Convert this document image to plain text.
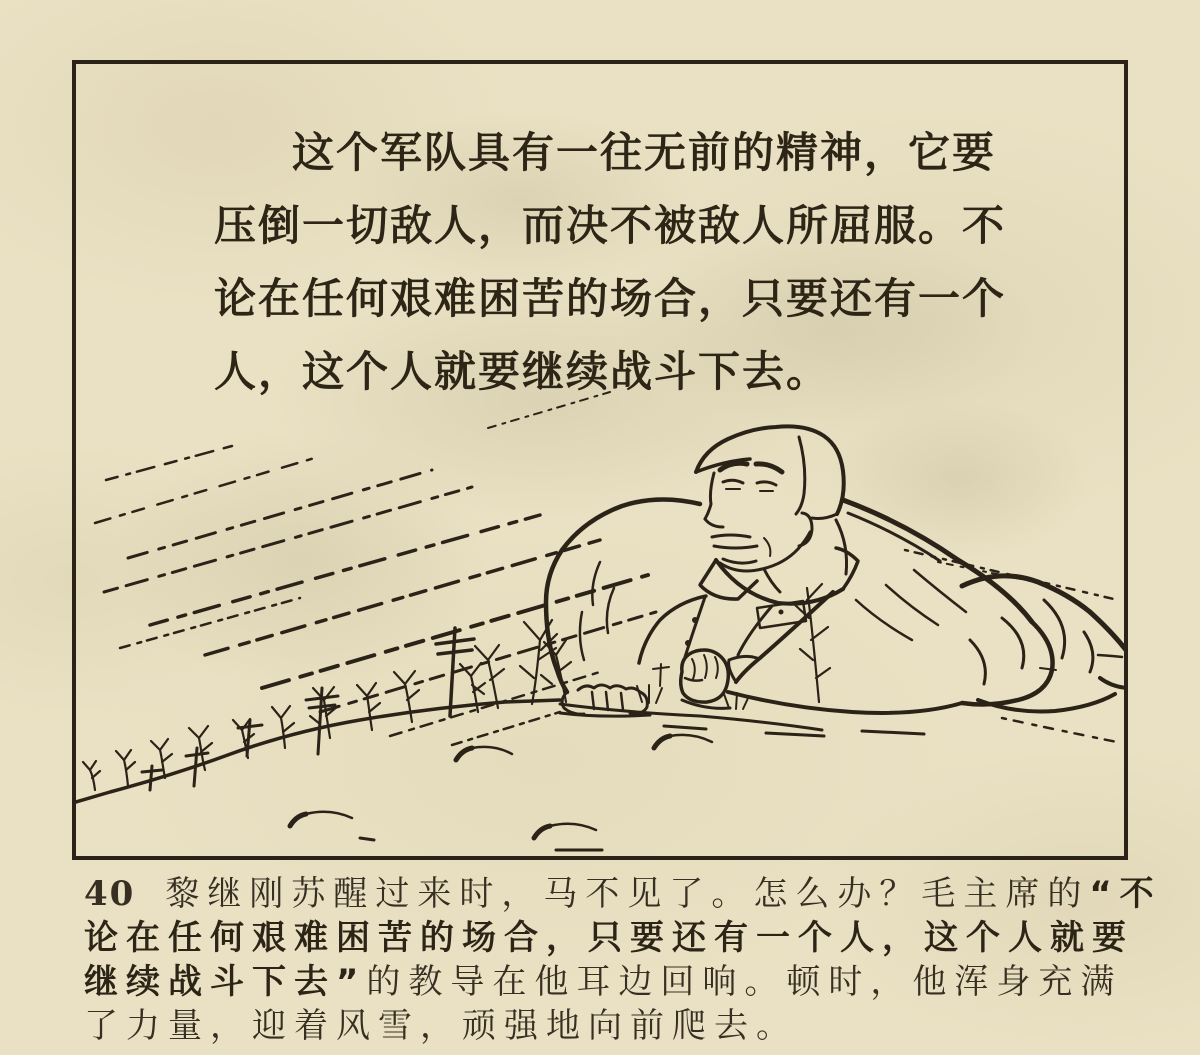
这个军队具有一往无前的精神，它要
压倒一切敌人，而决不被敌人所屈服。不
论在任何艰难困苦的场合，只要还有一个
人，这个人就要继续战斗下去。
40 黎继刚苏醒过来时，马不见了。怎么办？毛主席的“不
论在任何艰难困苦的场合，只要还有一个人，这个人就要
继续战斗下去”的教导在他耳边回响。顿时，他浑身充满
了力量，迎着风雪，顽强地向前爬去。
